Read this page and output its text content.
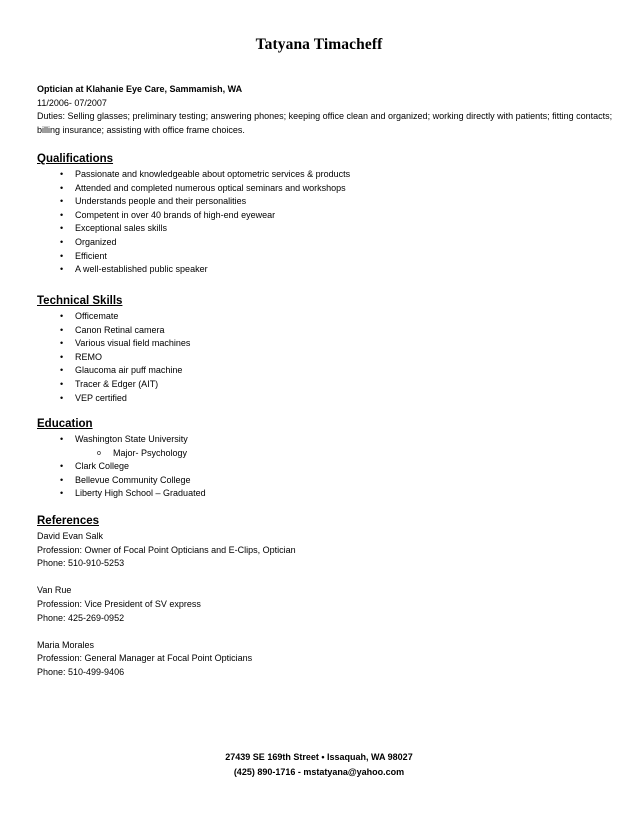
Tatyana Timacheff
Optician at Klahanie Eye Care, Sammamish, WA
11/2006- 07/2007
Duties: Selling glasses; preliminary testing; answering phones; keeping office clean and organized; working directly with patients; fitting contacts; billing insurance; assisting with office frame choices.
Qualifications
• Passionate and knowledgeable about optometric services & products
• Attended and completed numerous optical seminars and workshops
• Understands people and their personalities
• Competent in over 40 brands of high-end eyewear
• Exceptional sales skills
• Organized
• Efficient
• A well-established public speaker
Technical Skills
• Officemate
• Canon Retinal camera
• Various visual field machines
• REMO
• Glaucoma air puff machine
• Tracer & Edger (AIT)
• VEP certified
Education
• Washington State University
o Major- Psychology
• Clark College
• Bellevue Community College
• Liberty High School – Graduated
References
David Evan Salk
Profession: Owner of Focal Point Opticians and E-Clips, Optician
Phone: 510-910-5253
Van Rue
Profession: Vice President of SV express
Phone: 425-269-0952
Maria Morales
Profession: General Manager at Focal Point Opticians
Phone: 510-499-9406
27439 SE 169th Street • Issaquah, WA 98027
(425) 890-1716 - mstatyana@yahoo.com
